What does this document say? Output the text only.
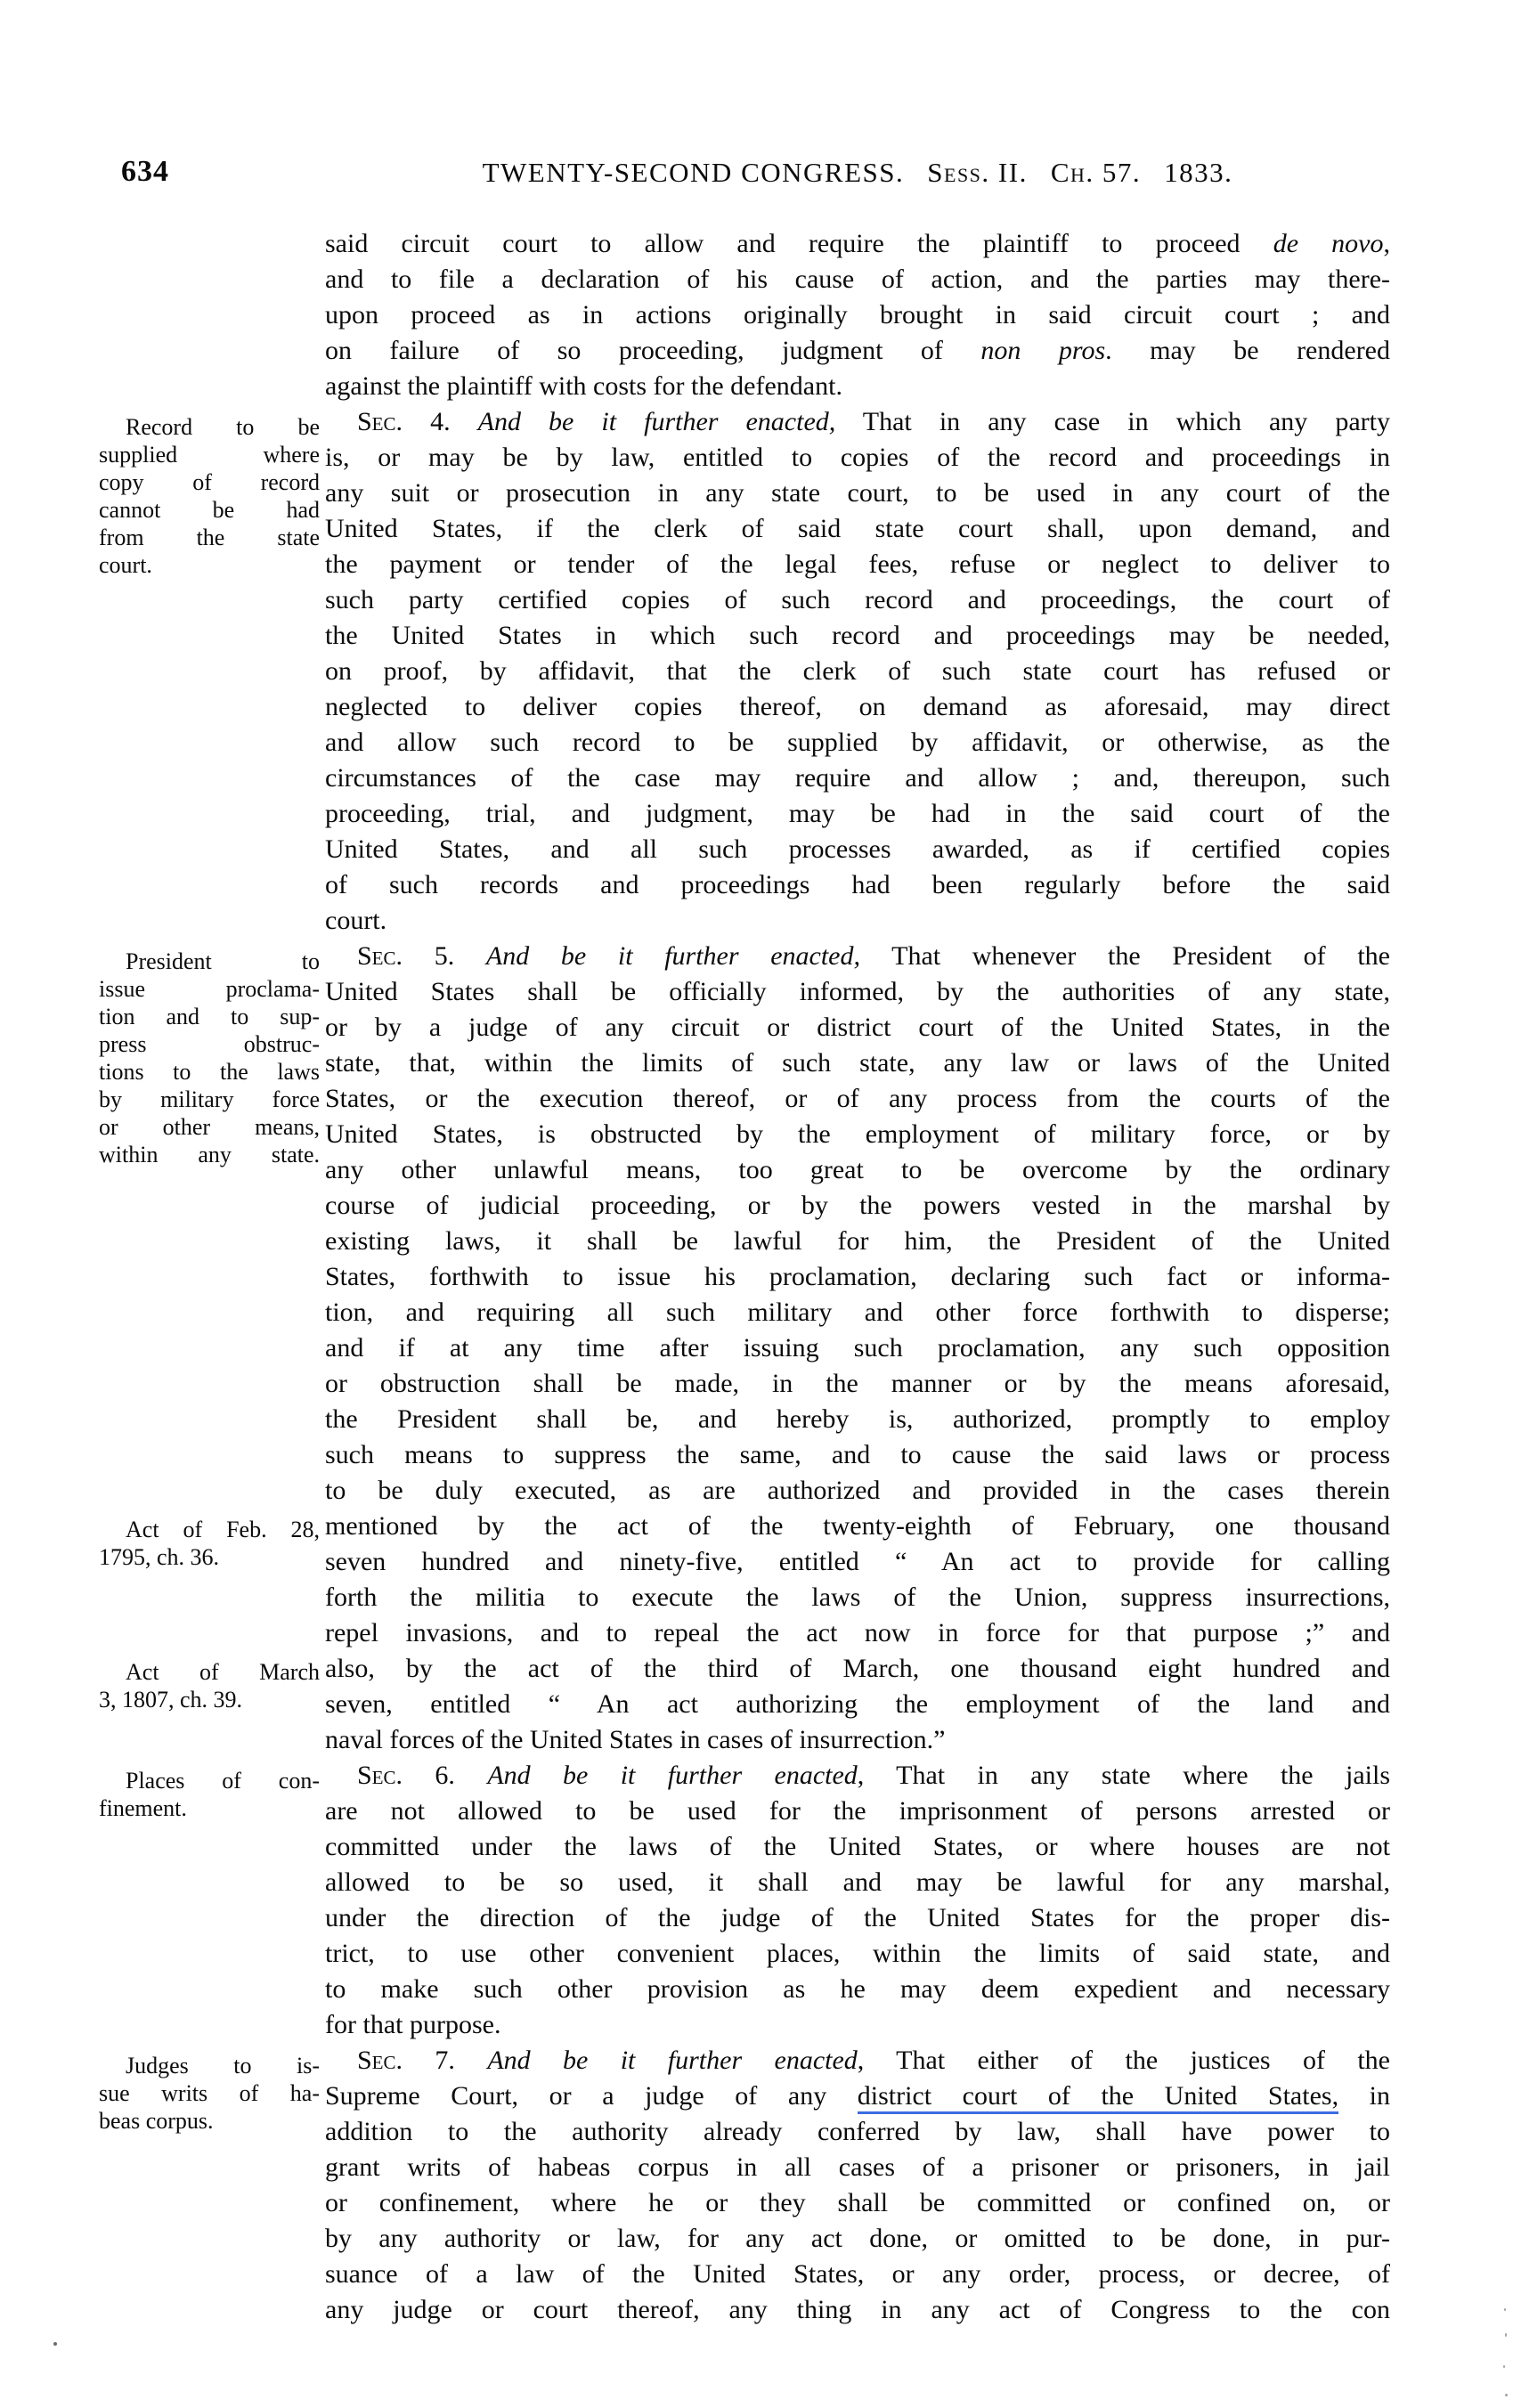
634	TWENTY-SECOND CONGRESS. Sess. II. Ch. 57. 1833.
said circuit court to allow and require the plaintiff to proceed de novo,
and to file a declaration of his cause of action, and the parties may there-
upon proceed as in actions originally brought in said circuit court ; and
on failure of so proceeding, judgment of non pros. may be rendered
against the plaintiff with costs for the defendant.
Record to be
supplied where
copy of record
cannot be had
from the state
court.
Sec. 4. And be it further enacted, That in any case in which any party
is, or may be by law, entitled to copies of the record and proceedings in
any suit or prosecution in any state court, to be used in any court of the
United States, if the clerk of said state court shall, upon demand, and
the payment or tender of the legal fees, refuse or neglect to deliver to
such party certified copies of such record and proceedings, the court of
the United States in which such record and proceedings may be needed,
on proof, by affidavit, that the clerk of such state court has refused or
neglected to deliver copies thereof, on demand as aforesaid, may direct
and allow such record to be supplied by affidavit, or otherwise, as the
circumstances of the case may require and allow ; and, thereupon, such
proceeding, trial, and judgment, may be had in the said court of the
United States, and all such processes awarded, as if certified copies
of such records and proceedings had been regularly before the said
court.
President to
issue proclama-
tion and to sup-
press obstruc-
tions to the laws
by military force
or other means,
within any state.
Act of Feb. 28,
1795, ch. 36.
Act of March
3, 1807, ch. 39.
Sec. 5. And be it further enacted, That whenever the President of the
United States shall be officially informed, by the authorities of any state,
or by a judge of any circuit or district court of the United States, in the
state, that, within the limits of such state, any law or laws of the United
States, or the execution thereof, or of any process from the courts of the
United States, is obstructed by the employment of military force, or by
any other unlawful means, too great to be overcome by the ordinary
course of judicial proceeding, or by the powers vested in the marshal by
existing laws, it shall be lawful for him, the President of the United
States, forthwith to issue his proclamation, declaring such fact or informa-
tion, and requiring all such military and other force forthwith to disperse;
and if at any time after issuing such proclamation, any such opposition
or obstruction shall be made, in the manner or by the means aforesaid,
the President shall be, and hereby is, authorized, promptly to employ
such means to suppress the same, and to cause the said laws or process
to be duly executed, as are authorized and provided in the cases therein
mentioned by the act of the twenty-eighth of February, one thousand
seven hundred and ninety-five, entitled “ An act to provide for calling
forth the militia to execute the laws of the Union, suppress insurrections,
repel invasions, and to repeal the act now in force for that purpose ;” and
also, by the act of the third of March, one thousand eight hundred and
seven, entitled “ An act authorizing the employment of the land and
naval forces of the United States in cases of insurrection.”
Places of con-
finement.
Sec. 6. And be it further enacted, That in any state where the jails
are not allowed to be used for the imprisonment of persons arrested or
committed under the laws of the United States, or where houses are not
allowed to be so used, it shall and may be lawful for any marshal,
under the direction of the judge of the United States for the proper dis-
trict, to use other convenient places, within the limits of said state, and
to make such other provision as he may deem expedient and necessary
for that purpose.
Judges to is-
sue writs of ha-
beas corpus.
Sec. 7. And be it further enacted, That either of the justices of the
Supreme Court, or a judge of any district court of the United States, in
addition to the authority already conferred by law, shall have power to
grant writs of habeas corpus in all cases of a prisoner or prisoners, in jail
or confinement, where he or they shall be committed or confined on, or
by any authority or law, for any act done, or omitted to be done, in pur-
suance of a law of the United States, or any order, process, or decree, of
any judge or court thereof, any thing in any act of Congress to the con
